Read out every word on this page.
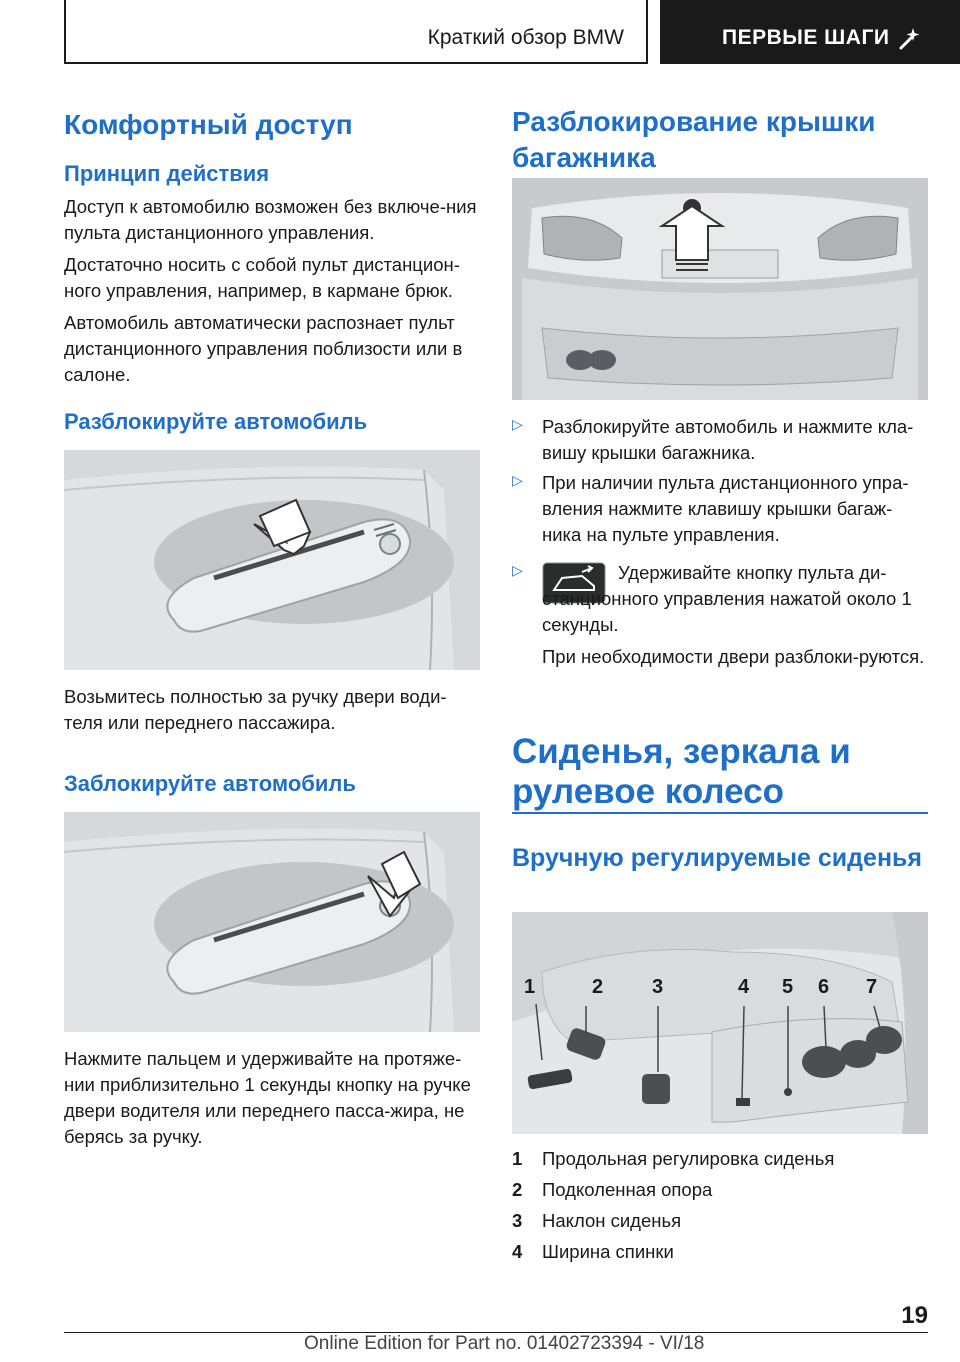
Краткий обзор BMW	ПЕРВЫЕ ШАГИ
Комфортный доступ
Принцип действия

Доступ к автомобилю возможен без включе-ния пульта дистанционного управления.

Достаточно носить с собой пульт дистанцион-ного управления, например, в кармане брюк.

Автомобиль автоматически распознает пульт дистанционного управления поблизости или в салоне.

Разблокируйте автомобиль

Возьмитесь полностью за ручку двери води-теля или переднего пассажира.

Заблокируйте автомобиль

Нажмите пальцем и удерживайте на протяже-нии приблизительно 1 секунды кнопку на ручке двери водителя или переднего пасса-жира, не берясь за ручку.

Разблокирование крышки багажника
▷ Разблокируйте автомобиль и нажмите кла-вишу крышки багажника.
▷ При наличии пульта дистанционного упра-вления нажмите клавишу крышки багаж-ника на пульте управления.
▷	Удерживайте кнопку пульта ди-станционного управления нажатой около 1 секунды.

При необходимости двери разблоки-руются.

Сиденья, зеркала и рулевое колесо
Вручную регулируемые сиденья
1	2 3	4 5 6 7
1 Продольная регулировка сиденья
2 Подколенная опора
3 Наклон сиденья
4 Ширина спинки
19
Online Edition for Part no. 01402723394 - VI/18
